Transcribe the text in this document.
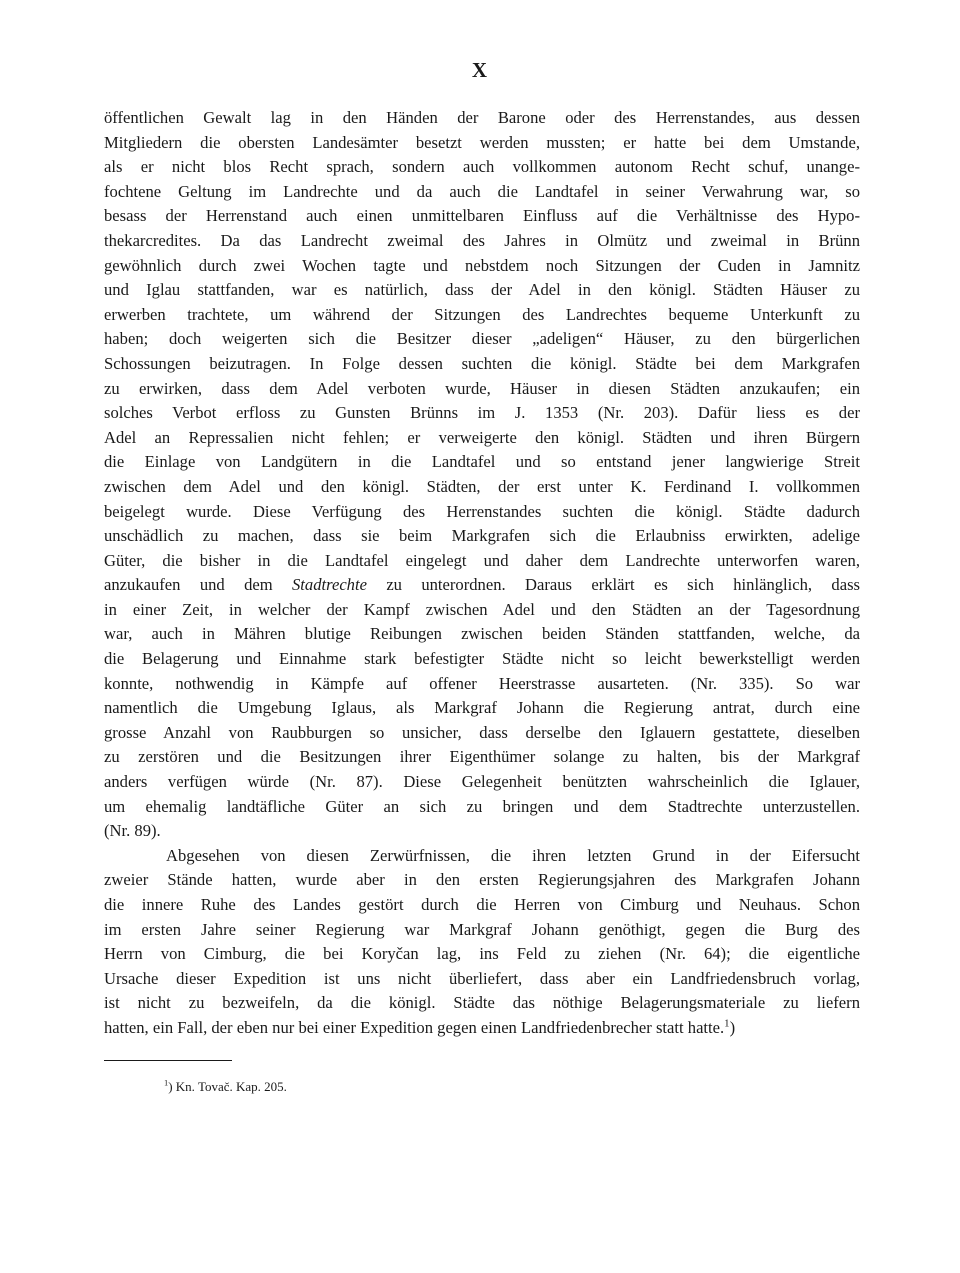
X
öffentlichen Gewalt lag in den Händen der Barone oder des Herrenstandes, aus dessen
Mitgliedern die obersten Landesämter besetzt werden mussten; er hatte bei dem Umstande,
als er nicht blos Recht sprach, sondern auch vollkommen autonom Recht schuf, unange-
fochtene Geltung im Landrechte und da auch die Landtafel in seiner Verwahrung war, so
besass der Herrenstand auch einen unmittelbaren Einfluss auf die Verhältnisse des Hypo-
thekarcredites. Da das Landrecht zweimal des Jahres in Olmütz und zweimal in Brünn
gewöhnlich durch zwei Wochen tagte und nebstdem noch Sitzungen der Cuden in Jamnitz
und Iglau stattfanden, war es natürlich, dass der Adel in den königl. Städten Häuser zu
erwerben trachtete, um während der Sitzungen des Landrechtes bequeme Unterkunft zu
haben; doch weigerten sich die Besitzer dieser „adeligen“ Häuser, zu den bürgerlichen
Schossungen beizutragen. In Folge dessen suchten die königl. Städte bei dem Markgrafen
zu erwirken, dass dem Adel verboten wurde, Häuser in diesen Städten anzukaufen; ein
solches Verbot erfloss zu Gunsten Brünns im J. 1353 (Nr. 203). Dafür liess es der
Adel an Repressalien nicht fehlen; er verweigerte den königl. Städten und ihren Bürgern
die Einlage von Landgütern in die Landtafel und so entstand jener langwierige Streit
zwischen dem Adel und den königl. Städten, der erst unter K. Ferdinand I. vollkommen
beigelegt wurde. Diese Verfügung des Herrenstandes suchten die königl. Städte dadurch
unschädlich zu machen, dass sie beim Markgrafen sich die Erlaubniss erwirkten, adelige
Güter, die bisher in die Landtafel eingelegt und daher dem Landrechte unterworfen waren,
anzukaufen und dem Stadtrechte zu unterordnen. Daraus erklärt es sich hinlänglich, dass
in einer Zeit, in welcher der Kampf zwischen Adel und den Städten an der Tagesordnung
war, auch in Mähren blutige Reibungen zwischen beiden Ständen stattfanden, welche, da
die Belagerung und Einnahme stark befestigter Städte nicht so leicht bewerkstelligt werden
konnte, nothwendig in Kämpfe auf offener Heerstrasse ausarteten. (Nr. 335). So war
namentlich die Umgebung Iglaus, als Markgraf Johann die Regierung antrat, durch eine
grosse Anzahl von Raubburgen so unsicher, dass derselbe den Iglauern gestattete, dieselben
zu zerstören und die Besitzungen ihrer Eigenthümer solange zu halten, bis der Markgraf
anders verfügen würde (Nr. 87). Diese Gelegenheit benützten wahrscheinlich die Iglauer,
um ehemalig landtäfliche Güter an sich zu bringen und dem Stadtrechte unterzustellen.
(Nr. 89).
Abgesehen von diesen Zerwürfnissen, die ihren letzten Grund in der Eifersucht
zweier Stände hatten, wurde aber in den ersten Regierungsjahren des Markgrafen Johann
die innere Ruhe des Landes gestört durch die Herren von Cimburg und Neuhaus. Schon
im ersten Jahre seiner Regierung war Markgraf Johann genöthigt, gegen die Burg des
Herrn von Cimburg, die bei Koryčan lag, ins Feld zu ziehen (Nr. 64); die eigentliche
Ursache dieser Expedition ist uns nicht überliefert, dass aber ein Landfriedensbruch vorlag,
ist nicht zu bezweifeln, da die königl. Städte das nöthige Belagerungsmateriale zu liefern
hatten, ein Fall, der eben nur bei einer Expedition gegen einen Landfriedenbrecher statt hatte.$^1$)
$^1$) Kn. Tovač. Kap. 205.
